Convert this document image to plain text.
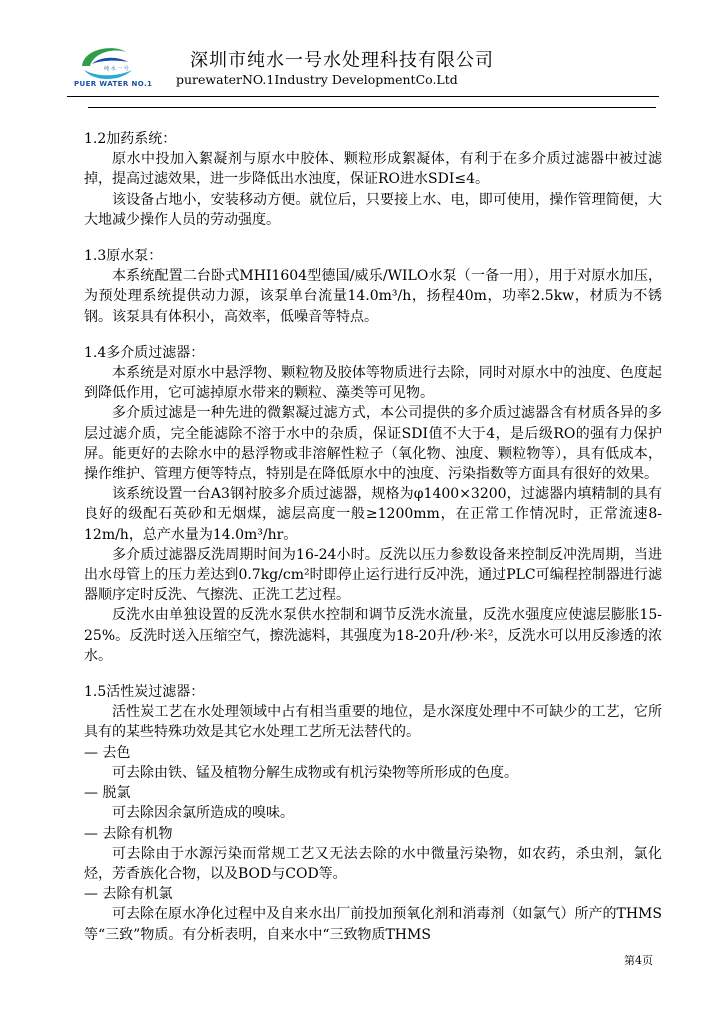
纯 水 一 号
PUER WATER NO.1
深圳市纯水一号水处理科技有限公司
purewaterNO.1Industry DevelopmentCo.Ltd

1.2加药系统：

原水中投加入絮凝剂与原水中胶体、颗粒形成絮凝体，有利于在多介质过滤器中被过滤掉，提高过滤效果，进一步降低出水浊度，保证RO进水SDI≤4。

该设备占地小，安装移动方便。就位后，只要接上水、电，即可使用，操作管理简便，大大地减少操作人员的劳动强度。

1.3原水泵：

本系统配置二台卧式MHI1604型德国/威乐/WILO水泵（一备一用），用于对原水加压，为预处理系统提供动力源，该泵单台流量14.0m³/h，扬程40m，功率2.5kw，材质为不锈钢。该泵具有体积小，高效率，低噪音等特点。

1.4多介质过滤器：

本系统是对原水中悬浮物、颗粒物及胶体等物质进行去除，同时对原水中的浊度、色度起到降低作用，它可滤掉原水带来的颗粒、藻类等可见物。

多介质过滤是一种先进的微絮凝过滤方式，本公司提供的多介质过滤器含有材质各异的多层过滤介质，完全能滤除不溶于水中的杂质，保证SDI值不大于4，是后级RO的强有力保护屏。能更好的去除水中的悬浮物或非溶解性粒子（氧化物、浊度、颗粒物等），具有低成本，操作维护、管理方便等特点，特别是在降低原水中的浊度、污染指数等方面具有很好的效果。

该系统设置一台A3钢衬胶多介质过滤器，规格为φ1400×3200，过滤器内填精制的具有良好的级配石英砂和无烟煤，滤层高度一般≥1200mm，在正常工作情况时，正常流速8-12m/h，总产水量为14.0m³/hr。

多介质过滤器反洗周期时间为16-24小时。反洗以压力参数设备来控制反冲洗周期，当进出水母管上的压力差达到0.7kg/cm²时即停止运行进行反冲洗，通过PLC可编程控制器进行滤器顺序定时反洗、气擦洗、正洗工艺过程。

反洗水由单独设置的反洗水泵供水控制和调节反洗水流量，反洗水强度应使滤层膨胀15-25%。反洗时送入压缩空气，擦洗滤料，其强度为18-20升/秒·米²，反洗水可以用反渗透的浓水。

1.5活性炭过滤器：

活性炭工艺在水处理领域中占有相当重要的地位，是水深度处理中不可缺少的工艺，它所具有的某些特殊功效是其它水处理工艺所无法替代的。

— 去色

可去除由铁、锰及植物分解生成物或有机污染物等所形成的色度。

— 脱氯

可去除因余氯所造成的嗅味。

— 去除有机物

可去除由于水源污染而常规工艺又无法去除的水中微量污染物，如农药，杀虫剂，氯化烃，芳香族化合物，以及BOD与COD等。

— 去除有机氯

可去除在原水净化过程中及自来水出厂前投加预氧化剂和消毒剂（如氯气）所产的THMS等“三致”物质。有分析表明，自来水中“三致物质THMS

第4页
